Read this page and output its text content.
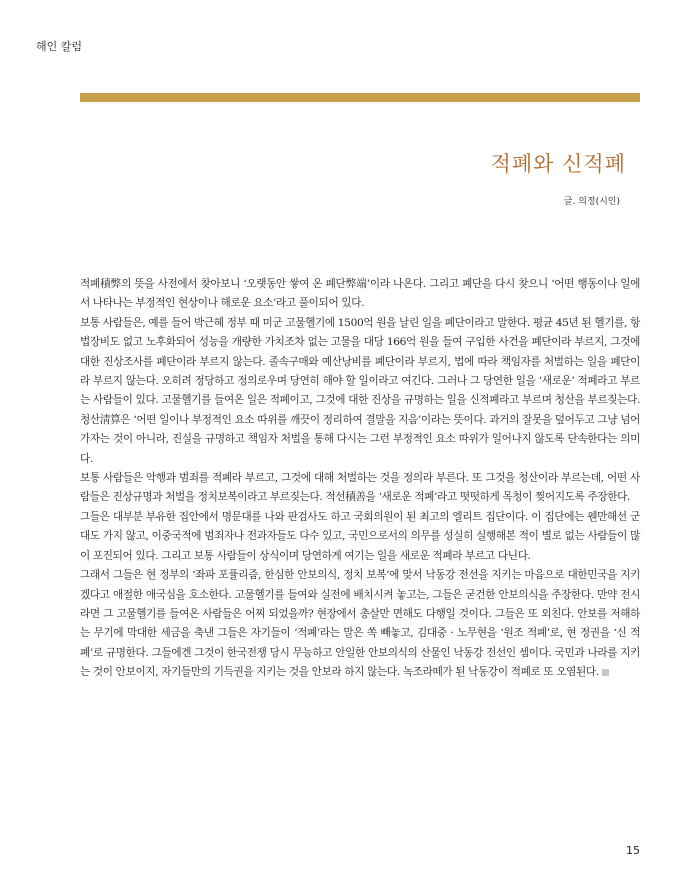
해인 칼럼
적폐와 신적폐
글. 의정(시인)

적폐積弊의 뜻을 사전에서 찾아보니 ‘오랫동안 쌓여 온 폐단弊端’이라 나온다. 그리고 폐단을 다시 찾으니 ‘어떤 행동이나 일에서 나타나는 부정적인 현상이나 해로운 요소’라고 풀이되어 있다.

보통 사람들은, 예를 들어 박근혜 정부 때 미군 고물헬기에 1500억 원을 날린 일을 폐단이라고 말한다. 평균 45년 된 헬기를, 항법장비도 없고 노후화되어 성능을 개량한 가치조차 없는 고물을 대당 166억 원을 들여 구입한 사건을 폐단이라 부르지, 그것에 대한 진상조사를 폐단이라 부르지 않는다. 졸속구매와 예산낭비를 폐단이라 부르지, 법에 따라 책임자를 처벌하는 일을 폐단이라 부르지 않는다. 오히려 정당하고 정의로우며 당연히 해야 할 일이라고 여긴다. 그러나 그 당연한 일을 ‘새로운’ 적폐라고 부르는 사람들이 있다. 고물헬기를 들여온 일은 적폐이고, 그것에 대한 진상을 규명하는 일을 신적폐라고 부르며 청산을 부르짖는다. 청산淸算은 ‘어떤 일이나 부정적인 요소 따위를 깨끗이 정리하여 결말을 지음’이라는 뜻이다. 과거의 잘못을 덮어두고 그냥 넘어가자는 것이 아니라, 진실을 규명하고 책임자 처벌을 통해 다시는 그런 부정적인 요소 따위가 일어나지 않도록 단속한다는 의미다.

보통 사람들은 악행과 범죄를 적폐라 부르고, 그것에 대해 처벌하는 것을 정의라 부른다. 또 그것을 청산이라 부르는데, 어떤 사람들은 진상규명과 처벌을 정치보복이라고 부르짖는다. 적선積善을 ‘새로운 적폐’라고 떳떳하게 목청이 찢어지도록 주장한다.

그들은 대부분 부유한 집안에서 명문대를 나와 판검사도 하고 국회의원이 된 최고의 엘리트 집단이다. 이 집단에는 웬만해선 군대도 가지 않고, 이중국적에 범죄자나 전과자들도 다수 있고, 국민으로서의 의무를 성실히 실행해본 적이 별로 없는 사람들이 많이 포진되어 있다. 그리고 보통 사람들이 상식이며 당연하게 여기는 일을 새로운 적폐라 부르고 다닌다.

그래서 그들은 현 정부의 ‘좌파 포퓰리즘, 한심한 안보의식, 정치 보복’에 맞서 낙동강 전선을 지키는 마음으로 대한민국을 지키겠다고 애절한 애국심을 호소한다. 고물헬기를 들여와 실전에 배치시켜 놓고는, 그들은 굳건한 안보의식을 주장한다. 만약 전시라면 그 고물헬기를 들여온 사람들은 어찌 되었을까? 현장에서 총살만 면해도 다행일 것이다. 그들은 또 외친다. 안보를 저해하는 무기에 막대한 세금을 축낸 그들은 자기들이 ‘적폐’라는 말은 쏙 빼놓고, 김대중 · 노무현을 ‘원조 적폐’로, 현 정권을 ‘신 적폐’로 규명한다. 그들에겐 그것이 한국전쟁 당시 무능하고 안일한 안보의식의 산물인 낙동강 전선인 셈이다. 국민과 나라를 지키는 것이 안보이지, 자기들만의 기득권을 지키는 것을 안보라 하지 않는다. 녹조라떼가 된 낙동강이 적폐로 또 오염된다.

15
